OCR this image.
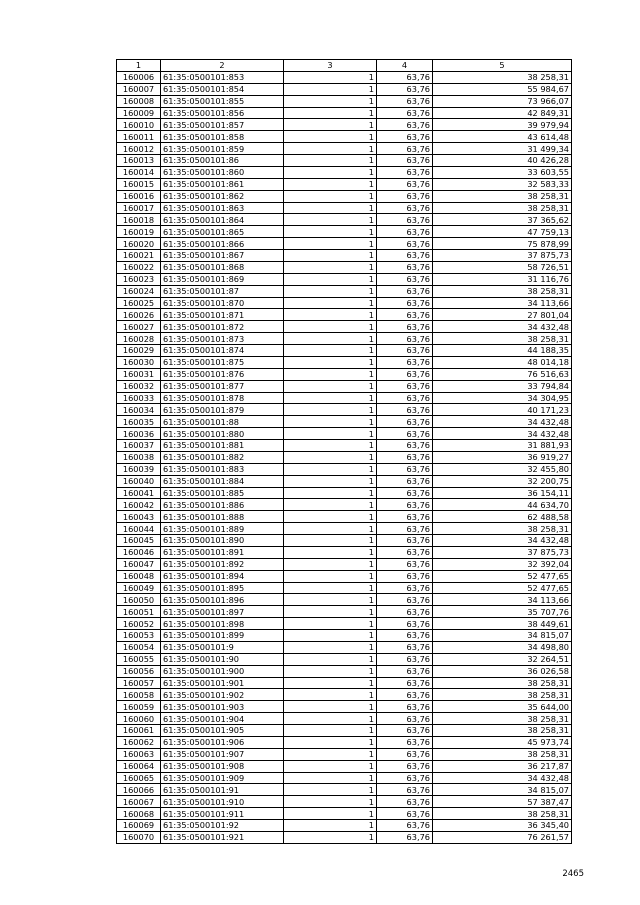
1	2	3	4	5
160006	61:35:0500101:853	1	63,76	38 258,31
160007	61:35:0500101:854	1	63,76	55 984,67
160008	61:35:0500101:855	1	63,76	73 966,07
160009	61:35:0500101:856	1	63,76	42 849,31
160010	61:35:0500101:857	1	63,76	39 979,94
160011	61:35:0500101:858	1	63,76	43 614,48
160012	61:35:0500101:859	1	63,76	31 499,34
160013	61:35:0500101:86	1	63,76	40 426,28
160014	61:35:0500101:860	1	63,76	33 603,55
160015	61:35:0500101:861	1	63,76	32 583,33
160016	61:35:0500101:862	1	63,76	38 258,31
160017	61:35:0500101:863	1	63,76	38 258,31
160018	61:35:0500101:864	1	63,76	37 365,62
160019	61:35:0500101:865	1	63,76	47 759,13
160020	61:35:0500101:866	1	63,76	75 878,99
160021	61:35:0500101:867	1	63,76	37 875,73
160022	61:35:0500101:868	1	63,76	58 726,51
160023	61:35:0500101:869	1	63,76	31 116,76
160024	61:35:0500101:87	1	63,76	38 258,31
160025	61:35:0500101:870	1	63,76	34 113,66
160026	61:35:0500101:871	1	63,76	27 801,04
160027	61:35:0500101:872	1	63,76	34 432,48
160028	61:35:0500101:873	1	63,76	38 258,31
160029	61:35:0500101:874	1	63,76	44 188,35
160030	61:35:0500101:875	1	63,76	48 014,18
160031	61:35:0500101:876	1	63,76	76 516,63
160032	61:35:0500101:877	1	63,76	33 794,84
160033	61:35:0500101:878	1	63,76	34 304,95
160034	61:35:0500101:879	1	63,76	40 171,23
160035	61:35:0500101:88	1	63,76	34 432,48
160036	61:35:0500101:880	1	63,76	34 432,48
160037	61:35:0500101:881	1	63,76	31 881,93
160038	61:35:0500101:882	1	63,76	36 919,27
160039	61:35:0500101:883	1	63,76	32 455,80
160040	61:35:0500101:884	1	63,76	32 200,75
160041	61:35:0500101:885	1	63,76	36 154,11
160042	61:35:0500101:886	1	63,76	44 634,70
160043	61:35:0500101:888	1	63,76	62 488,58
160044	61:35:0500101:889	1	63,76	38 258,31
160045	61:35:0500101:890	1	63,76	34 432,48
160046	61:35:0500101:891	1	63,76	37 875,73
160047	61:35:0500101:892	1	63,76	32 392,04
160048	61:35:0500101:894	1	63,76	52 477,65
160049	61:35:0500101:895	1	63,76	52 477,65
160050	61:35:0500101:896	1	63,76	34 113,66
160051	61:35:0500101:897	1	63,76	35 707,76
160052	61:35:0500101:898	1	63,76	38 449,61
160053	61:35:0500101:899	1	63,76	34 815,07
160054	61:35:0500101:9	1	63,76	34 498,80
160055	61:35:0500101:90	1	63,76	32 264,51
160056	61:35:0500101:900	1	63,76	36 026,58
160057	61:35:0500101:901	1	63,76	38 258,31
160058	61:35:0500101:902	1	63,76	38 258,31
160059	61:35:0500101:903	1	63,76	35 644,00
160060	61:35:0500101:904	1	63,76	38 258,31
160061	61:35:0500101:905	1	63,76	38 258,31
160062	61:35:0500101:906	1	63,76	45 973,74
160063	61:35:0500101:907	1	63,76	38 258,31
160064	61:35:0500101:908	1	63,76	36 217,87
160065	61:35:0500101:909	1	63,76	34 432,48
160066	61:35:0500101:91	1	63,76	34 815,07
160067	61:35:0500101:910	1	63,76	57 387,47
160068	61:35:0500101:911	1	63,76	38 258,31
160069	61:35:0500101:92	1	63,76	36 345,40
160070	61:35:0500101:921	1	63,76	76 261,57
2465
